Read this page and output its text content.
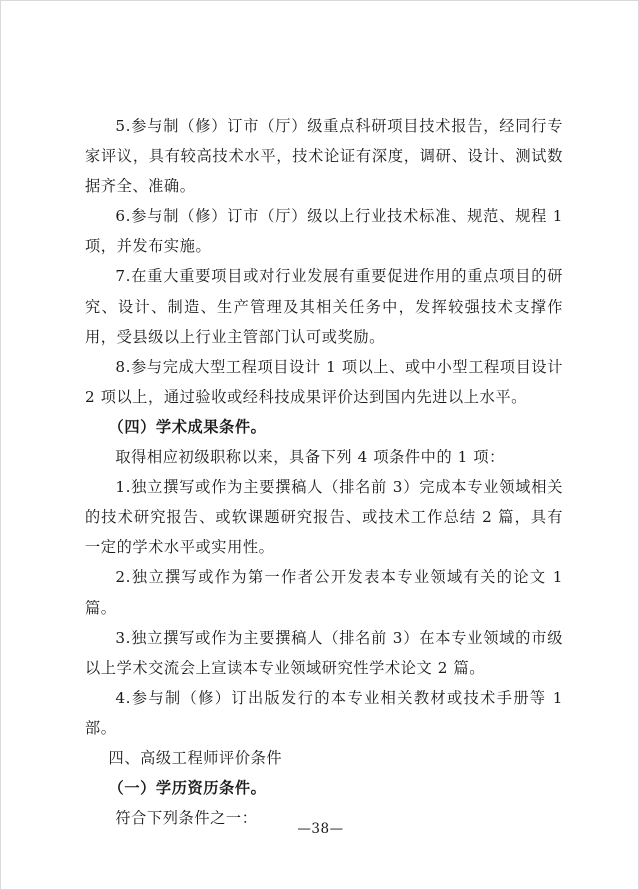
5.参与制（修）订市（厅）级重点科研项目技术报告，经同行专家评议，具有较高技术水平，技术论证有深度，调研、设计、测试数据齐全、准确。

6.参与制（修）订市（厅）级以上行业技术标准、规范、规程 1 项，并发布实施。

7.在重大重要项目或对行业发展有重要促进作用的重点项目的研究、设计、制造、生产管理及其相关任务中，发挥较强技术支撑作用，受县级以上行业主管部门认可或奖励。

8.参与完成大型工程项目设计 1 项以上、或中小型工程项目设计 2 项以上，通过验收或经科技成果评价达到国内先进以上水平。

（四）学术成果条件。

取得相应初级职称以来，具备下列 4 项条件中的 1 项：

1.独立撰写或作为主要撰稿人（排名前 3）完成本专业领域相关的技术研究报告、或软课题研究报告、或技术工作总结 2 篇，具有一定的学术水平或实用性。

2.独立撰写或作为第一作者公开发表本专业领域有关的论文 1 篇。

3.独立撰写或作为主要撰稿人（排名前 3）在本专业领域的市级以上学术交流会上宣读本专业领域研究性学术论文 2 篇。

4.参与制（修）订出版发行的本专业相关教材或技术手册等 1 部。

四、高级工程师评价条件

（一）学历资历条件。

符合下列条件之一：

—38—
